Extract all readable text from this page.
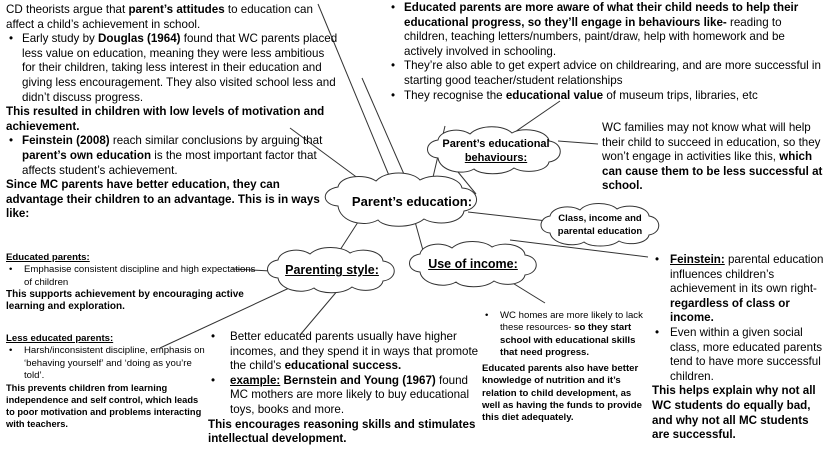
Parent’s education:
Parent’s educational
behaviours:
Class, income and
parental education
Parenting style:	Use of income:
CD theorists argue that parent’s attitudes to education can affect a child’s achievement in school.
• Early study by Douglas (1964) found that WC parents placed less value on education, meaning they were less ambitious for their children, taking less interest in their education and giving less encouragement. They also visited school less and didn’t discuss progress.
This resulted in children with low levels of motivation and achievement.
• Feinstein (2008) reach similar conclusions by arguing that parent’s own education is the most important factor that affects student’s achievement.
Since MC parents have better education, they can advantage their children to an advantage. This is in ways like:
Educated parents:
• Emphasise consistent discipline and high expectations of children
This supports achievement by encouraging active learning and exploration.
Less educated parents:
• Harsh/inconsistent discipline, emphasis on ‘behaving yourself’ and ‘doing as you’re told’.
This prevents children from learning independence and self control, which leads to poor motivation and problems interacting with teachers.
• Educated parents are more aware of what their child needs to help their educational progress, so they’ll engage in behaviours like- reading to children, teaching letters/numbers, paint/draw, help with homework and be actively involved in schooling.
• They’re also able to get expert advice on childrearing, and are more successful in starting good teacher/student relationships
• They recognise the educational value of museum trips, libraries, etc
WC families may not know what will help their child to succeed in education, so they won’t engage in activities like this, which can cause them to be less successful at school.
• Better educated parents usually have higher incomes, and they spend it in ways that promote the child’s educational success.
• example: Bernstein and Young (1967) found MC mothers are more likely to buy educational toys, books and more.
This encourages reasoning skills and stimulates intellectual development.
• WC homes are more likely to lack these resources- so they start school with educational skills that need progress.
Educated parents also have better knowledge of nutrition and it’s relation to child development, as well as having the funds to provide this diet adequately.
• Feinstein: parental education influences children’s achievement in its own right- regardless of class or income.
• Even within a given social class, more educated parents tend to have more successful children.
This helps explain why not all WC students do equally bad, and why not all MC students are successful.
